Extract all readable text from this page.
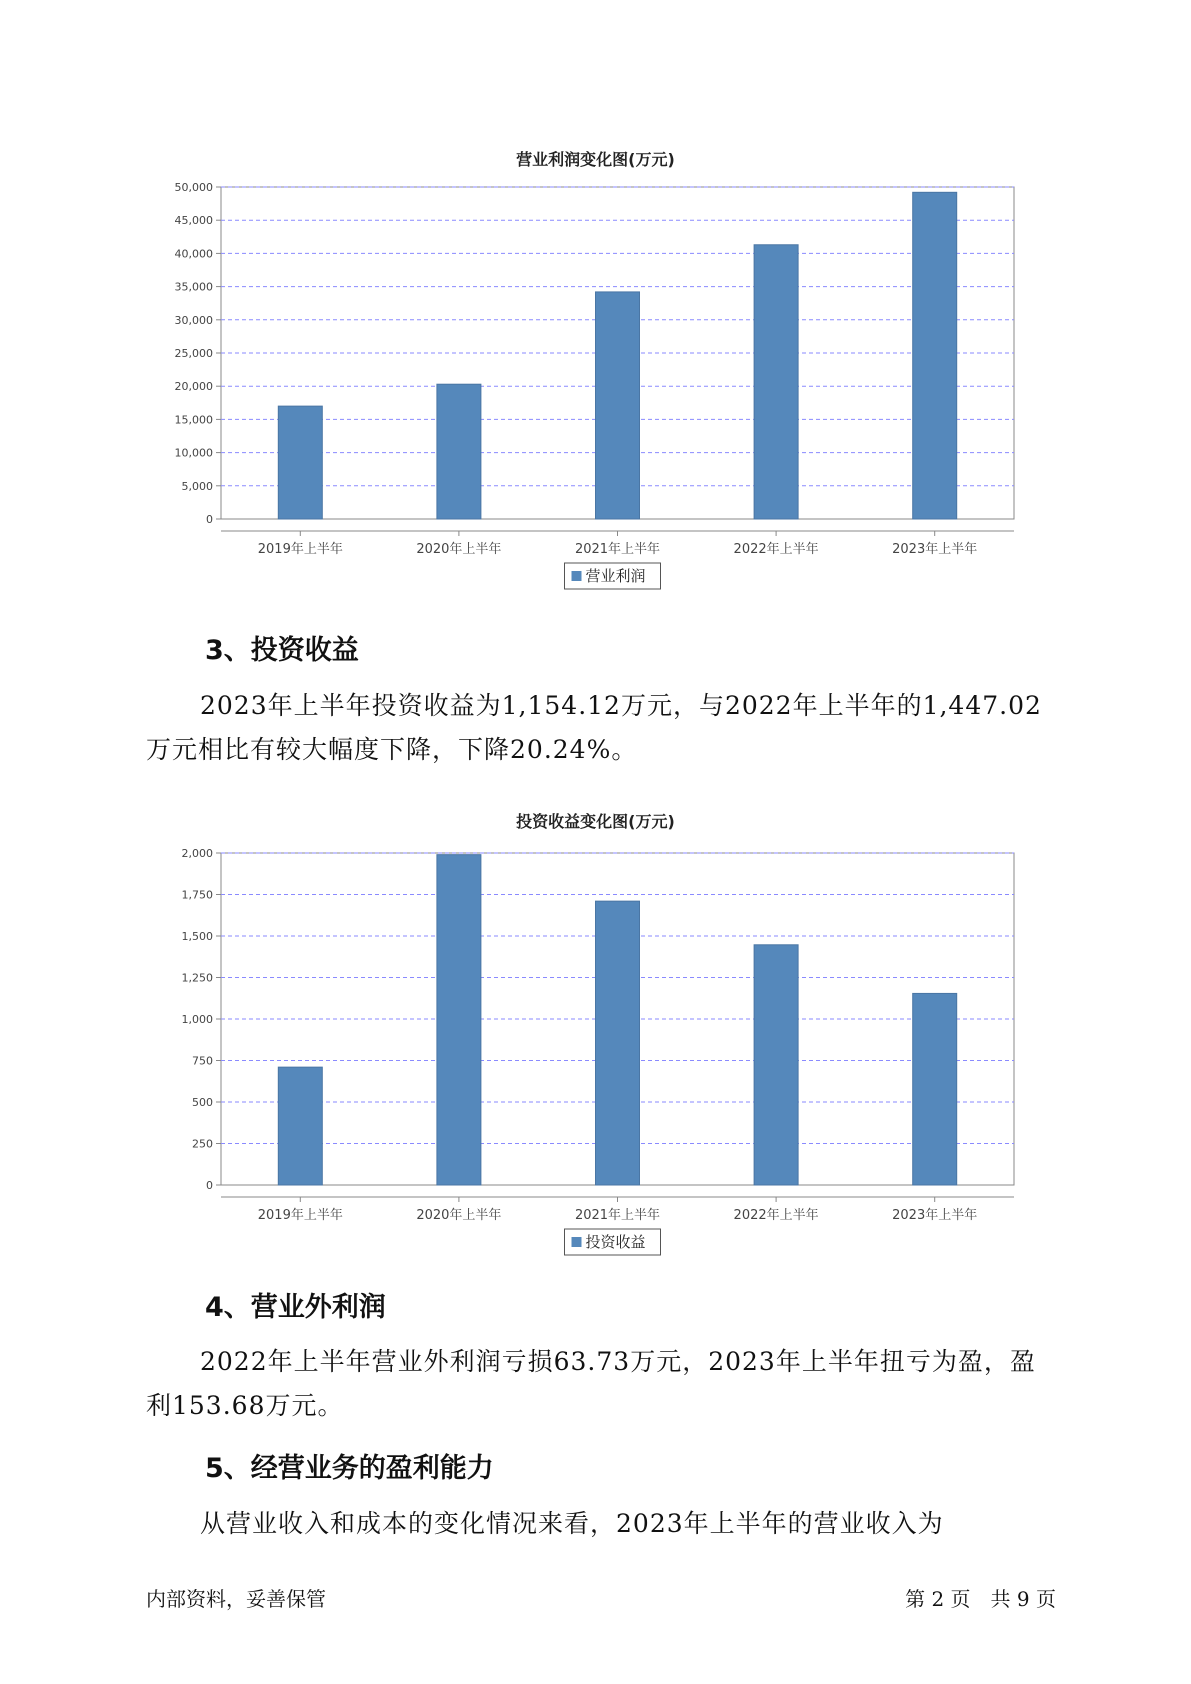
营业利润变化图(万元)
0
5,000
10,000
15,000
20,000
25,000
30,000
35,000
40,000
45,000
50,000
2019年上半年	2020年上半年	2021年上半年	2022年上半年	2023年上半年
营业利润
3、投资收益
2023年上半年投资收益为1,154.12万元，与2022年上半年的1,447.02
万元相比有较大幅度下降，下降20.24%。
投资收益变化图(万元)
0
250
500
750
1,000
1,250
1,500
1,750
2,000
2019年上半年	2020年上半年	2021年上半年	2022年上半年	2023年上半年
投资收益
4、营业外利润
2022年上半年营业外利润亏损63.73万元，2023年上半年扭亏为盈，盈
利153.68万元。
5、经营业务的盈利能力
从营业收入和成本的变化情况来看，2023年上半年的营业收入为
内部资料，妥善保管	第 2 页　共 9 页
